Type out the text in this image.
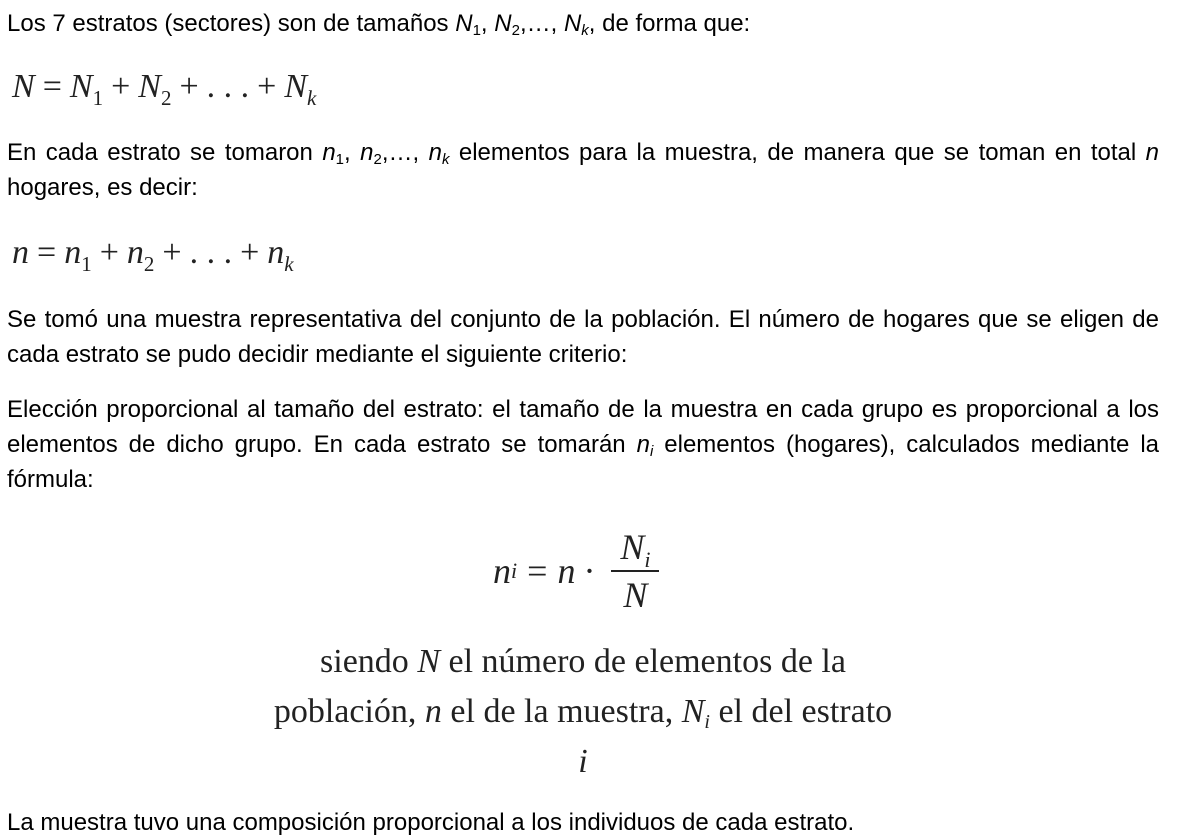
Los 7 estratos (sectores) son de tamaños $N_1$, $N_2,\dots$, $N_k$, de forma que:

$N = N_1 + N_2$ + . . . + $N_k$

En cada estrato se tomaron $n_1$, $n_2,\dots$, $n_k$ elementos para la muestra, de manera que se toman en total n hogares, es decir:

$n = n_1 + n_2$ + . . . + $n_k$

Se tomó una muestra representativa del conjunto de la población. El número de hogares que se eligen de cada estrato se pudo decidir mediante el siguiente criterio:

Elección proporcional al tamaño del estrato: el tamaño de la muestra en cada grupo es proporcional a los elementos de dicho grupo. En cada estrato se tomarán $n_i$ elementos (hogares), calculados mediante la fórmula:

n $i = n \cdot \frac{N_i}{N}$
siendo N el número de elementos de la población, n el de la muestra, $N_i$ el del estrato i

La muestra tuvo una composición proporcional a los individuos de cada estrato.
